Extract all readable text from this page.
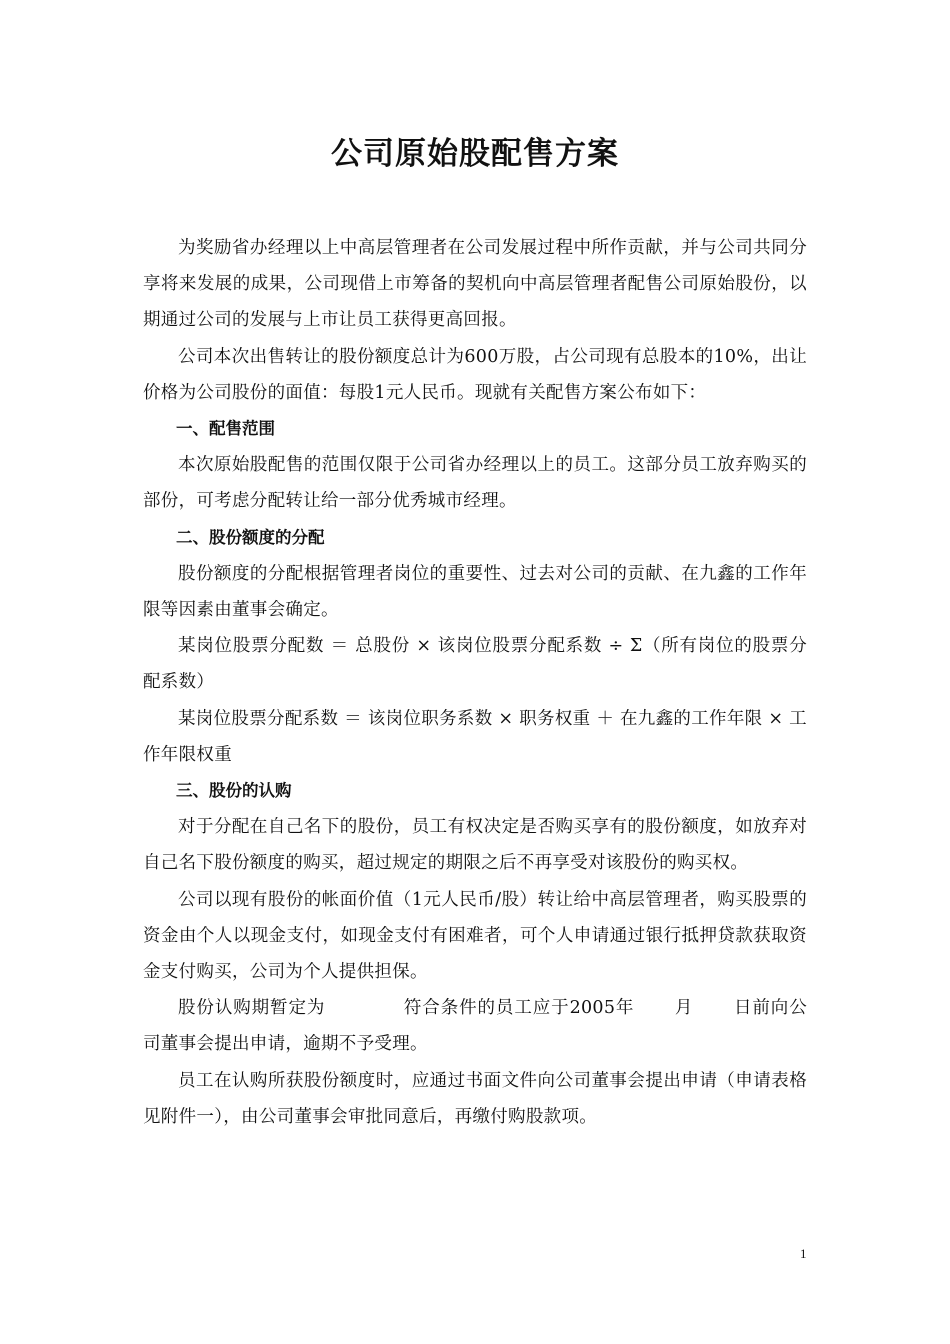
公司原始股配售方案

为奖励省办经理以上中高层管理者在公司发展过程中所作贡献，并与公司共同分享将来发展的成果，公司现借上市筹备的契机向中高层管理者配售公司原始股份，以期通过公司的发展与上市让员工获得更高回报。

公司本次出售转让的股份额度总计为600万股，占公司现有总股本的10%，出让价格为公司股份的面值：每股1元人民币。现就有关配售方案公布如下：

一、配售范围

本次原始股配售的范围仅限于公司省办经理以上的员工。这部分员工放弃购买的部份，可考虑分配转让给一部分优秀城市经理。

二、股份额度的分配

股份额度的分配根据管理者岗位的重要性、过去对公司的贡献、在九鑫的工作年限等因素由董事会确定。

某岗位股票分配数 ＝ 总股份 × 该岗位股票分配系数 ÷ Σ（所有岗位的股票分配系数）

某岗位股票分配系数 ＝ 该岗位职务系数 × 职务权重 ＋ 在九鑫的工作年限 × 工作年限权重

三、股份的认购

对于分配在自己名下的股份，员工有权决定是否购买享有的股份额度，如放弃对自己名下股份额度的购买，超过规定的期限之后不再享受对该股份的购买权。

公司以现有股份的帐面价值（1元人民币/股）转让给中高层管理者，购买股票的资金由个人以现金支付，如现金支付有困难者，可个人申请通过银行抵押贷款获取资金支付购买，公司为个人提供担保。

股份认购期暂定为	符合条件的员工应于2005年 月 日前向公司董事会提出申请，逾期不予受理。

员工在认购所获股份额度时，应通过书面文件向公司董事会提出申请（申请表格见附件一），由公司董事会审批同意后，再缴付购股款项。

1
